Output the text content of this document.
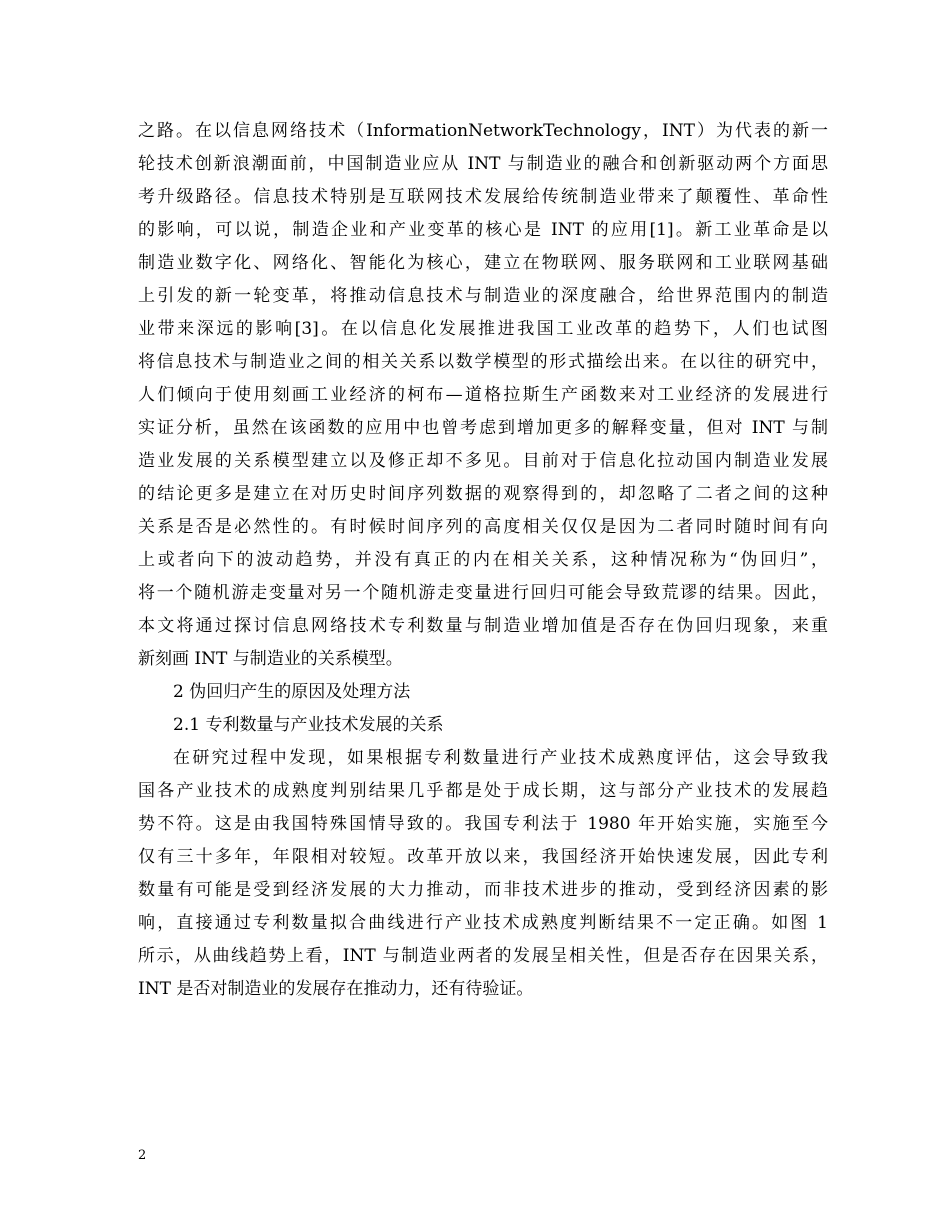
之路。在以信息网络技术（InformationNetworkTechnology，INT）为代表的新一
轮技术创新浪潮面前，中国制造业应从 INT 与制造业的融合和创新驱动两个方面思
考升级路径。信息技术特别是互联网技术发展给传统制造业带来了颠覆性、革命性
的影响，可以说，制造企业和产业变革的核心是 INT 的应用[1]。新工业革命是以
制造业数字化、网络化、智能化为核心，建立在物联网、服务联网和工业联网基础
上引发的新一轮变革，将推动信息技术与制造业的深度融合，给世界范围内的制造
业带来深远的影响[3]。在以信息化发展推进我国工业改革的趋势下，人们也试图
将信息技术与制造业之间的相关关系以数学模型的形式描绘出来。在以往的研究中，
人们倾向于使用刻画工业经济的柯布—道格拉斯生产函数来对工业经济的发展进行
实证分析，虽然在该函数的应用中也曾考虑到增加更多的解释变量，但对 INT 与制
造业发展的关系模型建立以及修正却不多见。目前对于信息化拉动国内制造业发展
的结论更多是建立在对历史时间序列数据的观察得到的，却忽略了二者之间的这种
关系是否是必然性的。有时候时间序列的高度相关仅仅是因为二者同时随时间有向
上或者向下的波动趋势，并没有真正的内在相关关系，这种情况称为“伪回归”，
将一个随机游走变量对另一个随机游走变量进行回归可能会导致荒谬的结果。因此，
本文将通过探讨信息网络技术专利数量与制造业增加值是否存在伪回归现象，来重
新刻画 INT 与制造业的关系模型。
2 伪回归产生的原因及处理方法
2.1 专利数量与产业技术发展的关系
在研究过程中发现，如果根据专利数量进行产业技术成熟度评估，这会导致我
国各产业技术的成熟度判别结果几乎都是处于成长期，这与部分产业技术的发展趋
势不符。这是由我国特殊国情导致的。我国专利法于 1980 年开始实施，实施至今
仅有三十多年，年限相对较短。改革开放以来，我国经济开始快速发展，因此专利
数量有可能是受到经济发展的大力推动，而非技术进步的推动，受到经济因素的影
响，直接通过专利数量拟合曲线进行产业技术成熟度判断结果不一定正确。如图 1
所示，从曲线趋势上看，INT 与制造业两者的发展呈相关性，但是否存在因果关系，
INT 是否对制造业的发展存在推动力，还有待验证。
2
